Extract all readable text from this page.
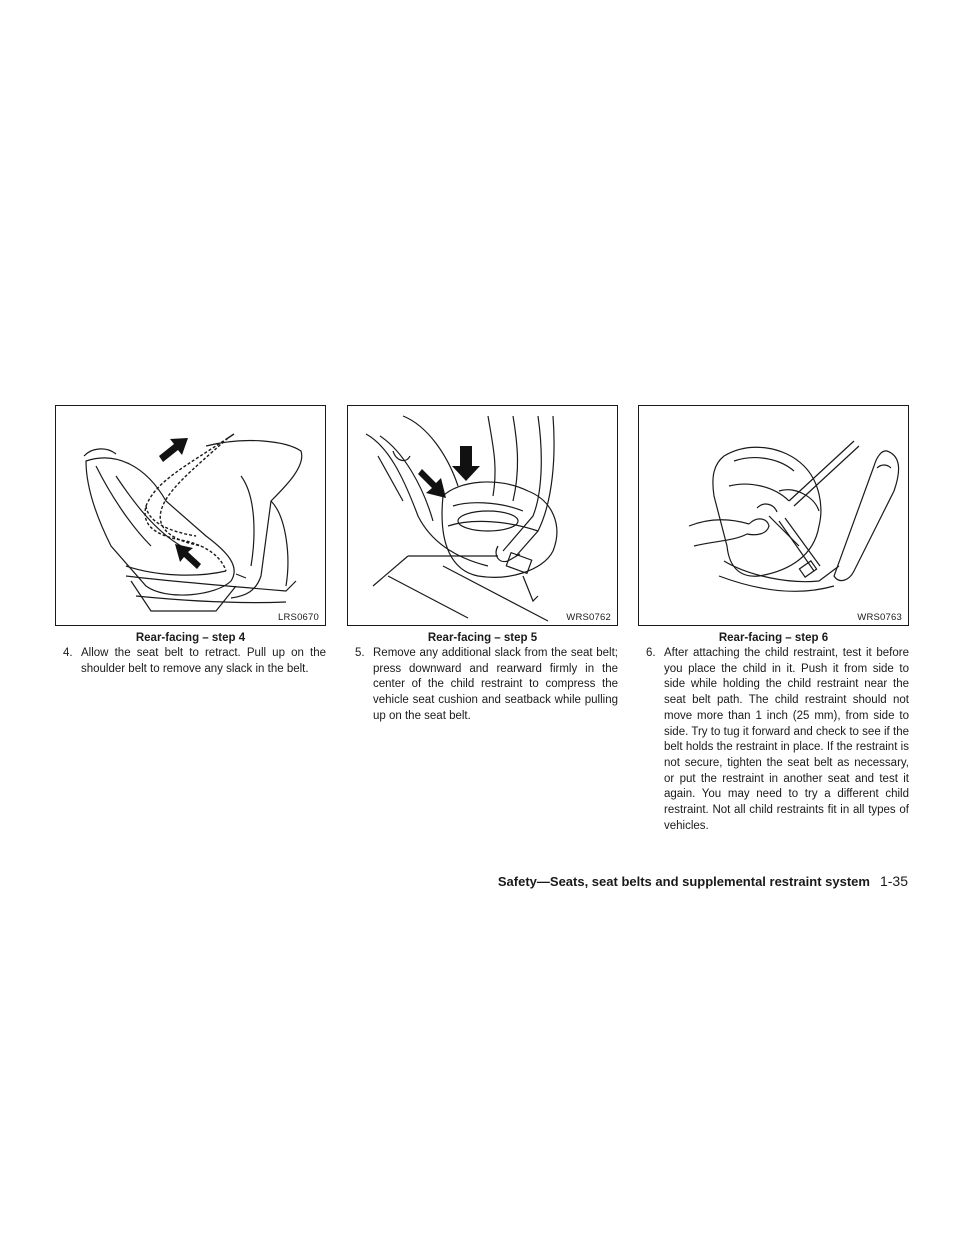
LRS0670
Rear-facing – step 4
4. Allow the seat belt to retract. Pull up on the shoulder belt to remove any slack in the belt.
WRS0762
Rear-facing – step 5
5. Remove any additional slack from the seat belt; press downward and rearward firmly in the center of the child restraint to compress the vehicle seat cushion and seatback while pulling up on the seat belt.
WRS0763
Rear-facing – step 6
6. After attaching the child restraint, test it before you place the child in it. Push it from side to side while holding the child restraint near the seat belt path. The child restraint should not move more than 1 inch (25 mm), from side to side. Try to tug it forward and check to see if the belt holds the restraint in place. If the restraint is not secure, tighten the seat belt as necessary, or put the restraint in another seat and test it again. You may need to try a different child restraint. Not all child restraints fit in all types of vehicles.
Safety—Seats, seat belts and supplemental restraint system 1-35
